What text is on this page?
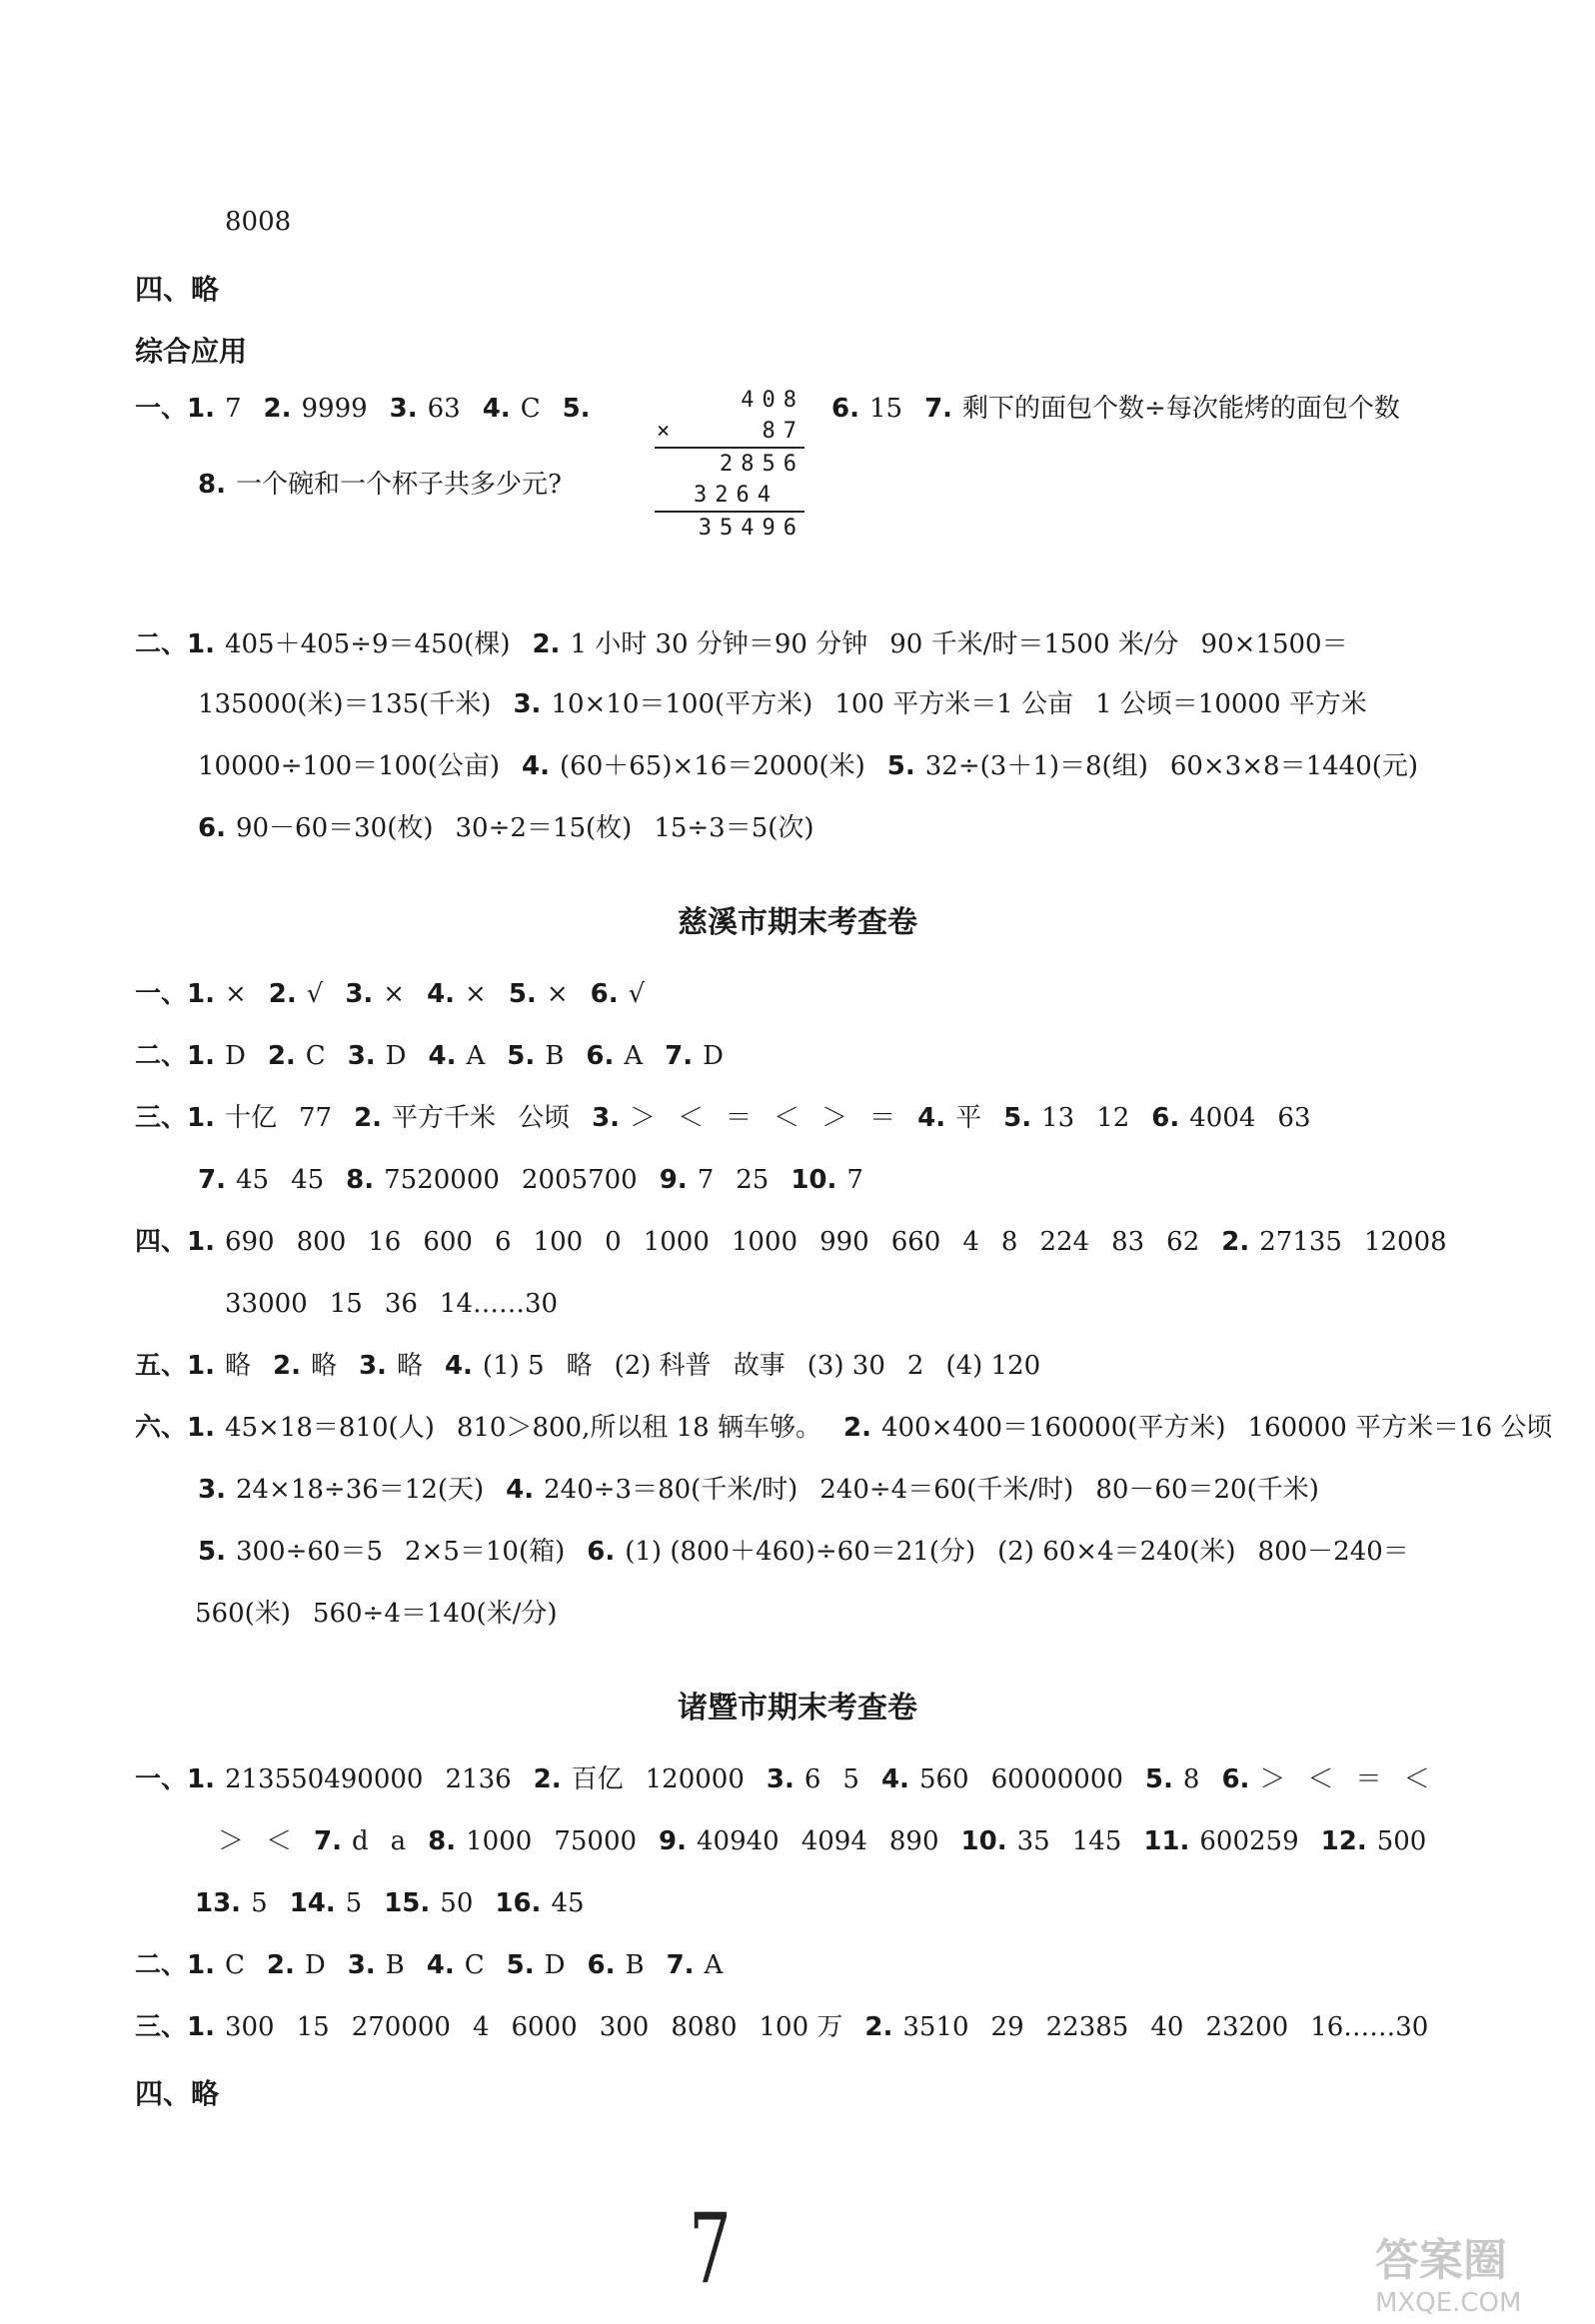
8008
8. 一个碗和一个杯子共多少元?
二、1. 405＋405÷9＝450(棵) 2. 1 小时 30 分钟＝90 分钟 90 千米/时＝1500 米/分 90×1500＝
135000(米)＝135(千米) 3. 10×10＝100(平方米) 100 平方米＝1 公亩 1 公顷＝10000 平方米
10000÷100＝100(公亩) 4. (60＋65)×16＝2000(米) 5. 32÷(3＋1)＝8(组) 60×3×8＝1440(元)
6. 90－60＝30(枚) 30÷2＝15(枚) 15÷3＝5(次)
一、1. × 2. √ 3. × 4. × 5. × 6. √
二、1. D 2. C 3. D 4. A 5. B 6. A 7. D
三、1. 十亿 77 2. 平方千米 公顷 3. ＞ ＜ ＝ ＜ ＞ ＝ 4. 平 5. 13 12 6. 4004 63
7. 45 45 8. 7520000 2005700 9. 7 25 10. 7
四、1. 690 800 16 600 6 100 0 1000 1000 990 660 4 8 224 83 62 2. 27135 12008
33000 15 36 14……30
五、1. 略 2. 略 3. 略 4. (1) 5 略 (2) 科普 故事 (3) 30 2 (4) 120
六、1. 45×18＝810(人) 810＞800,所以租 18 辆车够。 2. 400×400＝160000(平方米) 160000 平方米＝16 公顷
3. 24×18÷36＝12(天) 4. 240÷3＝80(千米/时) 240÷4＝60(千米/时) 80－60＝20(千米)
5. 300÷60＝5 2×5＝10(箱) 6. (1) (800＋460)÷60＝21(分) (2) 60×4＝240(米) 800－240＝
560(米) 560÷4＝140(米/分)
一、1. 213550490000 2136 2. 百亿 120000 3. 6 5 4. 560 60000000 5. 8 6. ＞ ＜ ＝ ＜
＞ ＜ 7. d a 8. 1000 75000 9. 40940 4094 890 10. 35 145 11. 600259 12. 500
13. 5 14. 5 15. 50 16. 45
二、1. C 2. D 3. B 4. C 5. D 6. B 7. A
三、1. 300 15 270000 4 6000 300 8080 100 万 2. 3510 29 22385 40 23200 16……30
四、略
综合应用
四、略
慈溪市期末考查卷
诸暨市期末考查卷
一、1. 7 2. 9999 3. 63 4. C 5.	6. 15 7. 剩下的面包个数÷每次能烤的面包个数
408
×	87
2856
3264
35496
7	答案圈
MXQE.COM
